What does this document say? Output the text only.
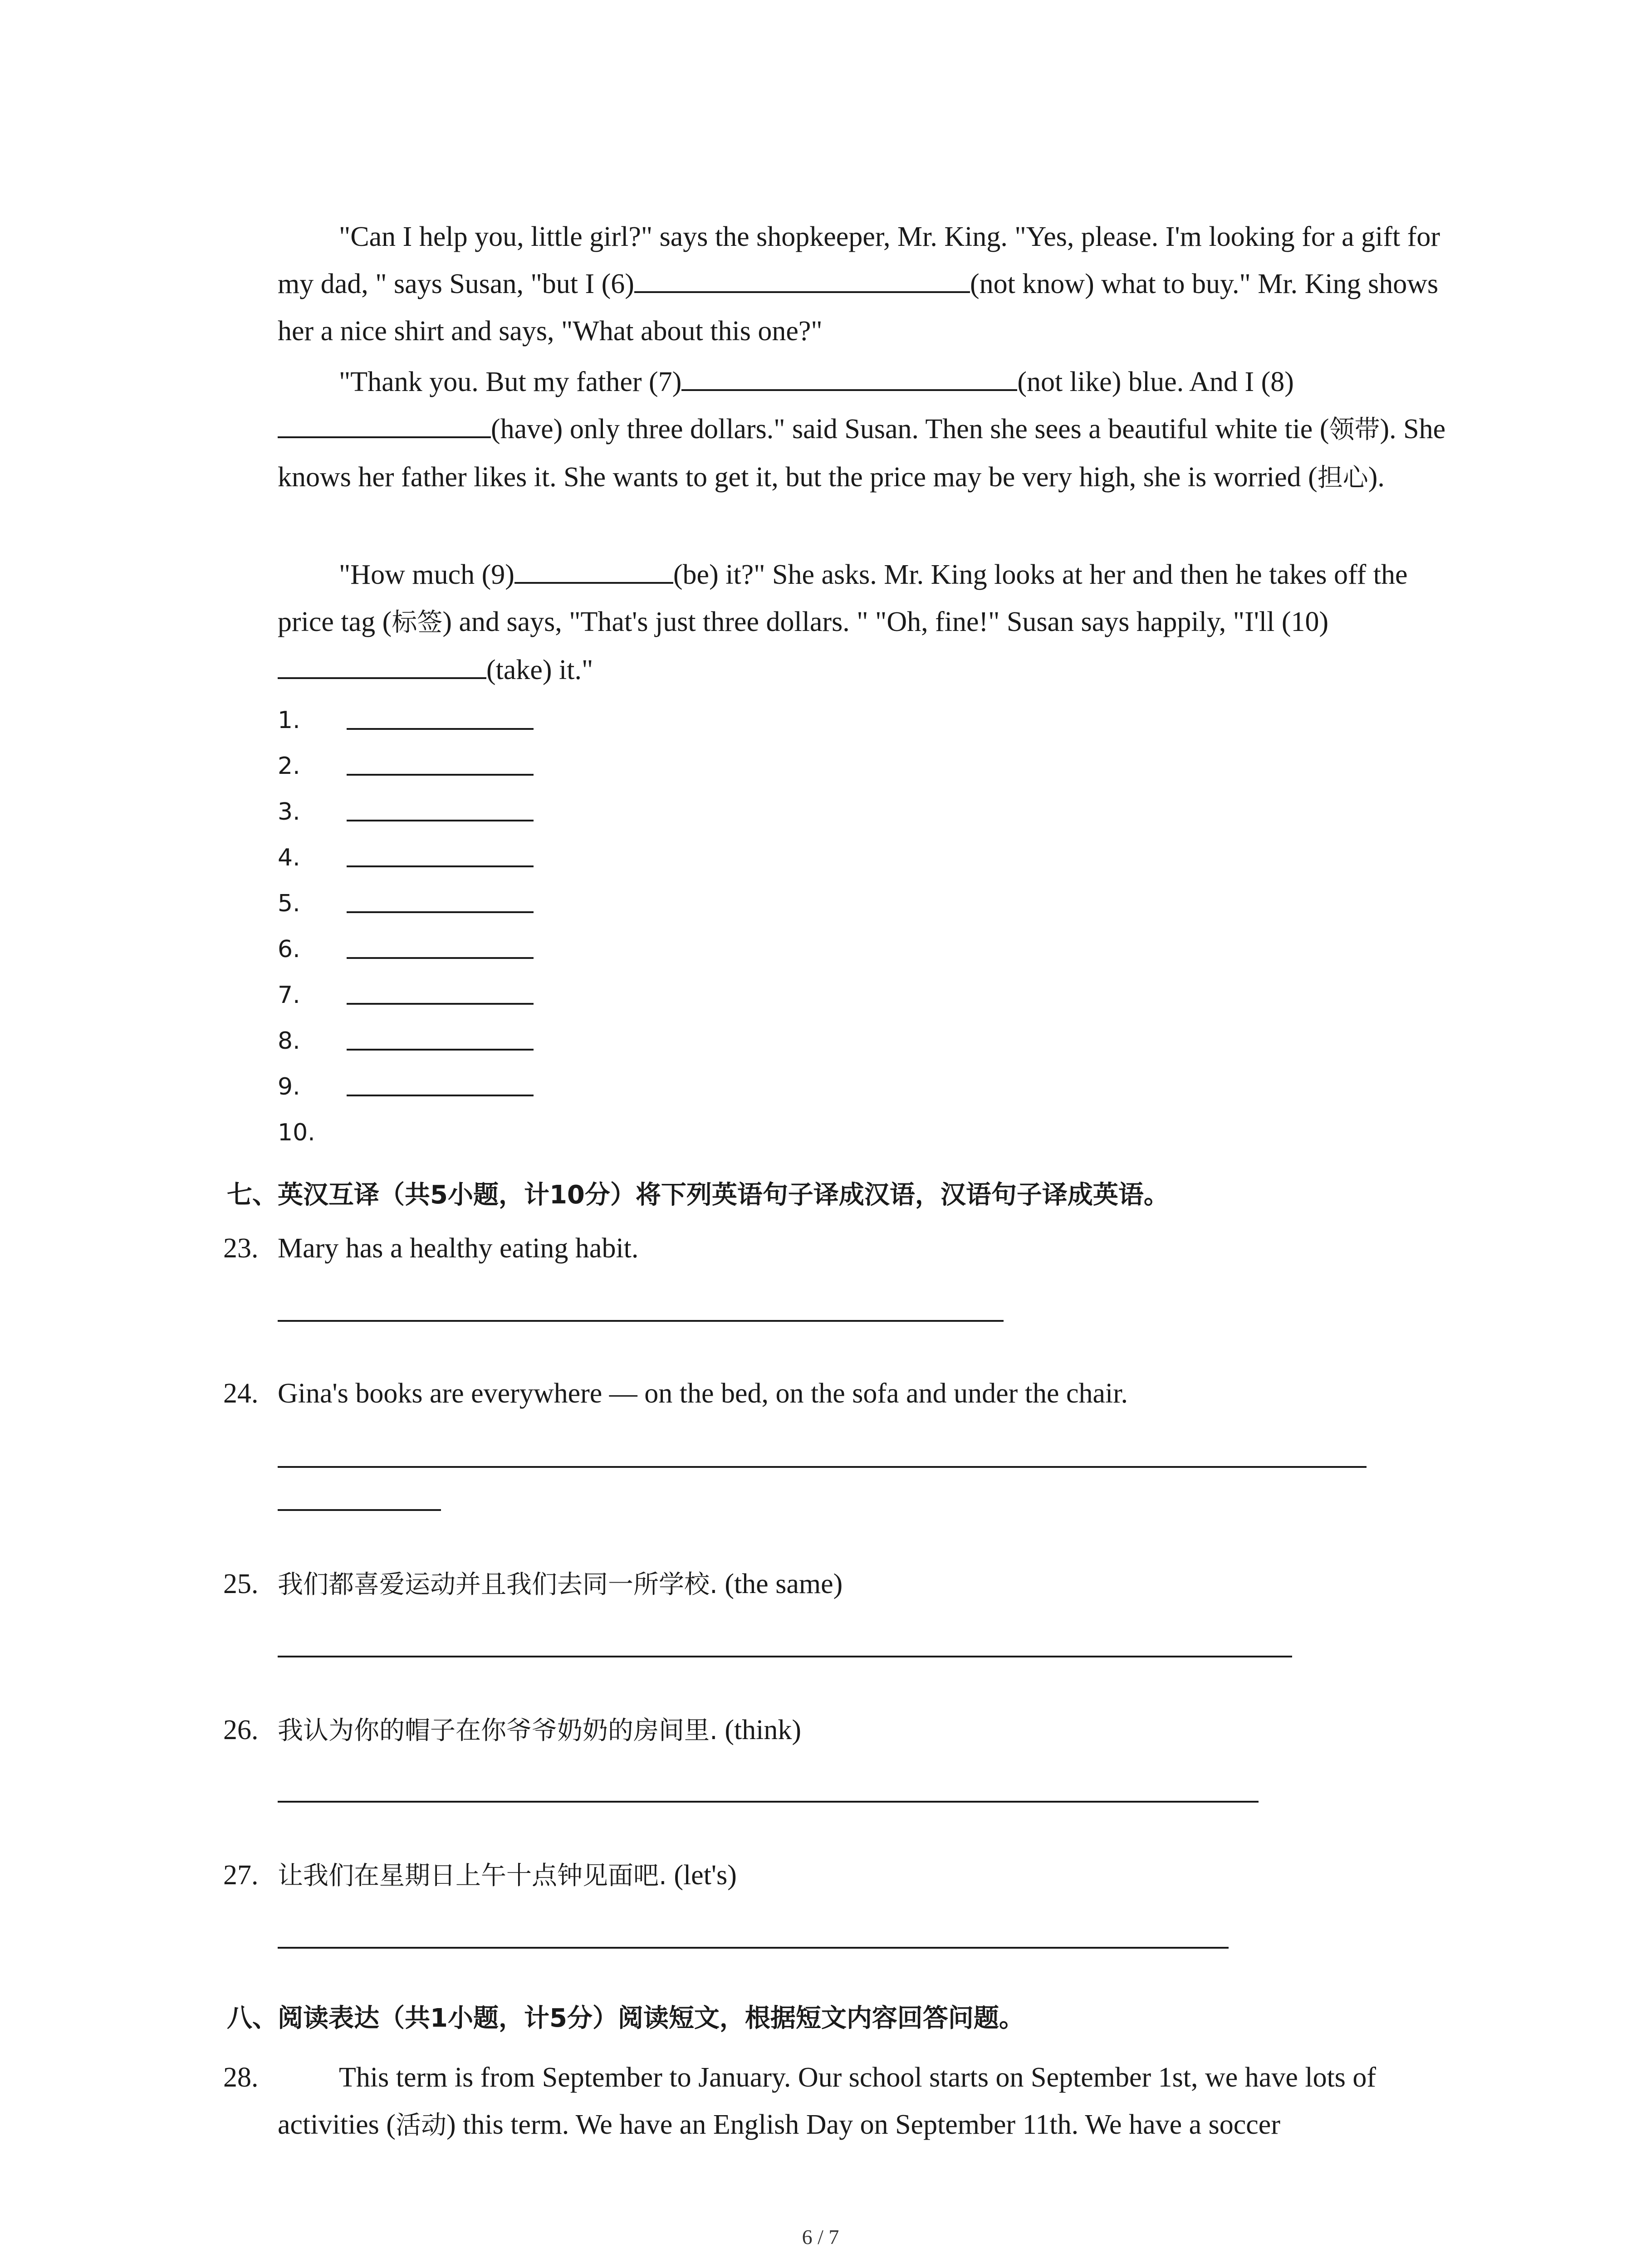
"Can I help you, little girl?" says the shopkeeper, Mr. King. "Yes, please. I'm looking for a gift for my dad, " says Susan, "but I (6)	(not know) what to buy." Mr. King shows her a nice shirt and says, "What about this one?"
"Thank you. But my father (7)	(not like) blue. And I (8)(have) only three dollars." said Susan. Then she sees a beautiful white tie (领带). She knows her father likes it. She wants to get it, but the price may be very high, she is worried (担心).
"How much (9)	(be) it?" She asks. Mr. King looks at her and then he takes off the price tag (标签) and says, "That's just three dollars. " "Oh, fine!" Susan says happily, "I'll (10)(take) it."
1.
2.
3.
4.
5.
6.
7.
8.
9.
10.
七、英汉互译（共5小题，计10分）将下列英语句子译成汉语，汉语句子译成英语。
23. Mary has a healthy eating habit.
24. Gina's books are everywhere — on the bed, on the sofa and under the chair.
25. 我们都喜爱运动并且我们去同一所学校. (the same)
26. 我认为你的帽子在你爷爷奶奶的房间里. (think)
27. 让我们在星期日上午十点钟见面吧. (let's)
八、阅读表达（共1小题，计5分）阅读短文，根据短文内容回答问题。
28.	This term is from September to January. Our school starts on September 1st, we have lots of activities (活动) this term. We have an English Day on September 11th. We have a soccer
6 / 7
